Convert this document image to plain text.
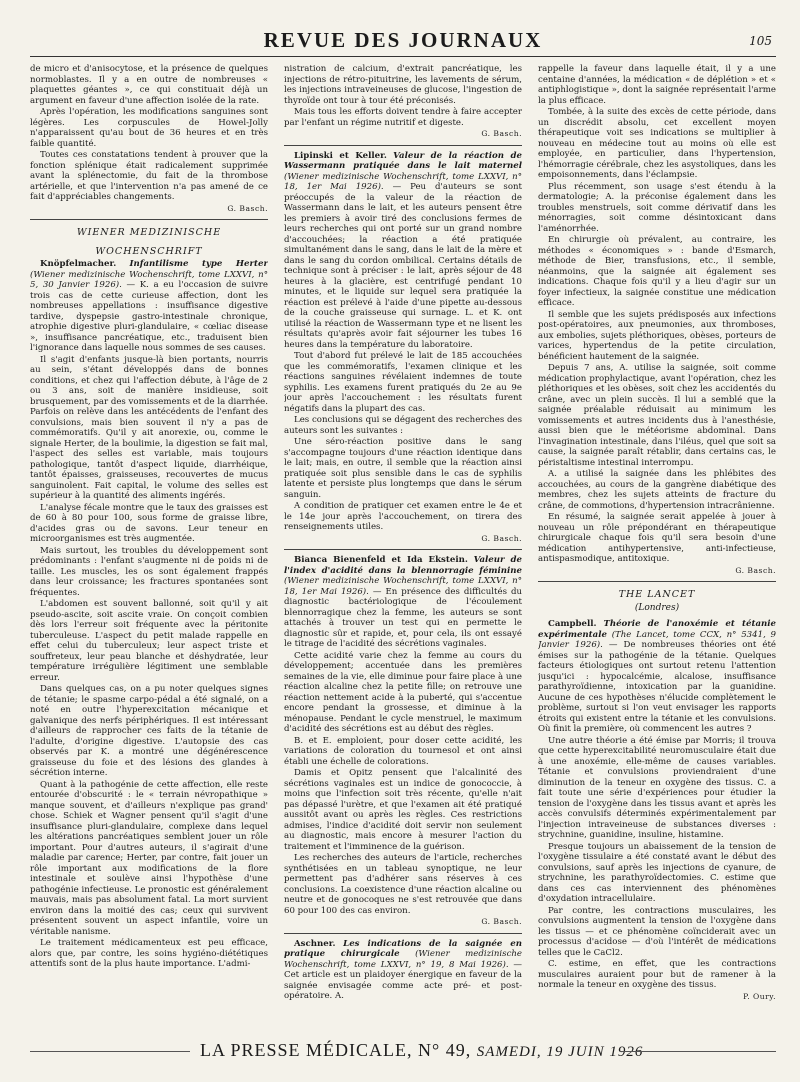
REVUE DES JOURNAUX	105

de micro et d'anisocytose, et la présence de quelques normoblastes. Il y a en outre de nombreuses « plaquettes géantes », ce qui constituait déjà un argument en faveur d'une affection isolée de la rate.

Après l'opération, les modifications sanguines sont légères. Les corpuscules de Howel-Jolly n'apparaissent qu'au bout de 36 heures et en très faible quantité.

Toutes ces constatations tendent à prouver que la fonction splénique était radicalement supprimée avant la splénectomie, du fait de la thrombose artérielle, et que l'intervention n'a pas amené de ce fait d'appréciables changements.

G. Basch.
WIENER MEDIZINISCHE
WOCHENSCHRIFT

Knöpfelmacher. Infantilisme type Herter (Wiener medizinische Wochenschrift, tome LXXVI, n° 5, 30 Janvier 1926). — K. a eu l'occasion de suivre trois cas de cette curieuse affection, dont les nombreuses appellations : insuffisance digestive tardive, dyspepsie gastro-intestinale chronique, atrophie digestive pluri-glandulaire, « cœliac disease », insuffisance pancréatique, etc., traduisent bien l'ignorance dans laquelle nous sommes de ses causes.

Il s'agit d'enfants jusque-là bien portants, nourris au sein, s'étant développés dans de bonnes conditions, et chez qui l'affection débute, à l'âge de 2 ou 3 ans, soit de manière insidieuse, soit brusquement, par des vomissements et de la diarrhée. Parfois on relève dans les antécédents de l'enfant des convulsions, mais bien souvent il n'y a pas de commémoratifs. Qu'il y ait anorexie, ou, comme le signale Herter, de la boulimie, la digestion se fait mal, l'aspect des selles est variable, mais toujours pathologique, tantôt d'aspect liquide, diarrhéique, tantôt épaisses, graisseuses, recouvertes de mucus sanguinolent. Fait capital, le volume des selles est supérieur à la quantité des aliments ingérés.

L'analyse fécale montre que le taux des graisses est de 60 à 80 pour 100, sous forme de graisse libre, d'acides gras ou de savons. Leur teneur en microorganismes est très augmentée.

Mais surtout, les troubles du développement sont prédominants : l'enfant s'augmente ni de poids ni de taille. Les muscles, les os sont également frappés dans leur croissance; les fractures spontanées sont fréquentes.

L'abdomen est souvent ballonné, soit qu'il y ait pseudo-ascite, soit ascite vraie. On conçoit combien dès lors l'erreur soit fréquente avec la péritonite tuberculeuse. L'aspect du petit malade rappelle en effet celui du tuberculeux; leur aspect triste et souffreteux, leur peau blanche et déshydratée, leur température irrégulière légitiment une semblable erreur.

Dans quelques cas, on a pu noter quelques signes de tétanie; le spasme carpo-pédal a été signalé, on a noté en outre l'hyperexcitation mécanique et galvanique des nerfs périphériques. Il est intéressant d'ailleurs de rapprocher ces faits de la tétanie de l'adulte, d'origine digestive. L'autopsie des cas observés par K. a montré une dégénérescence graisseuse du foie et des lésions des glandes à sécrétion interne.

Quant à la pathogénie de cette affection, elle reste entourée d'obscurité : le « terrain névropathique » manque souvent, et d'ailleurs n'explique pas grand' chose. Schiek et Wagner pensent qu'il s'agit d'une insuffisance pluri-glandulaire, complexe dans lequel les altérations pancréatiques semblent jouer un rôle important. Pour d'autres auteurs, il s'agirait d'une maladie par carence; Herter, par contre, fait jouer un rôle important aux modifications de la flore intestinale et soulève ainsi l'hypothèse d'une pathogénie infectieuse. Le pronostic est généralement mauvais, mais pas absolument fatal. La mort survient environ dans la moitié des cas; ceux qui survivent présentent souvent un aspect infantile, voire un véritable nanisme.

Le traitement médicamenteux est peu efficace, alors que, par contre, les soins hygiéno-diététiques attentifs sont de la plus haute importance. L'admi-

nistration de calcium, d'extrait pancréatique, les injections de rétro-pituitrine, les lavements de sérum, les injections intraveineuses de glucose, l'ingestion de thyroïde ont tour à tour été préconisés.

Mais tous les efforts doivent tendre à faire accepter par l'enfant un régime nutritif et digeste.

G. Basch.

Lipinski et Keller. Valeur de la réaction de Wassermann pratiquée dans le lait maternel (Wiener medizinische Wochenschrift, tome LXXVI, n° 18, 1er Mai 1926). — Peu d'auteurs se sont préoccupés de la valeur de la réaction de Wassermann dans le lait, et les auteurs pensent être les premiers à avoir tiré des conclusions fermes de leurs recherches qui ont porté sur un grand nombre d'accouchées; la réaction a été pratiquée simultanément dans le sang, dans le lait de la mère et dans le sang du cordon ombilical. Certains détails de technique sont à préciser : le lait, après séjour de 48 heures à la glacière, est centrifugé pendant 10 minutes, et le liquide sur lequel sera pratiquée la réaction est prélevé à l'aide d'une pipette au-dessous de la couche graisseuse qui surnage. L. et K. ont utilisé la réaction de Wassermann type et ne lisent les résultats qu'après avoir fait séjourner les tubes 16 heures dans la température du laboratoire.

Tout d'abord fut prélevé le lait de 185 accouchées que les commémoratifs, l'examen clinique et les réactions sanguines révélaient indemnes de toute syphilis. Les examens furent pratiqués du 2e au 9e jour après l'accouchement : les résultats furent négatifs dans la plupart des cas.

Les conclusions qui se dégagent des recherches des auteurs sont les suivantes :

Une séro-réaction positive dans le sang s'accompagne toujours d'une réaction identique dans le lait; mais, en outre, il semble que la réaction ainsi pratiquée soit plus sensible dans le cas de syphilis latente et persiste plus longtemps que dans le sérum sanguin.

A condition de pratiquer cet examen entre le 4e et le 14e jour après l'accouchement, on tirera des renseignements utiles.

G. Basch.

Bianca Bienenfeld et Ida Ekstein. Valeur de l'index d'acidité dans la blennorragie féminine (Wiener medizinische Wochenschrift, tome LXXVI, n° 18, 1er Mai 1926). — En présence des difficultés du diagnostic bactériologique de l'écoulement blennorragique chez la femme, les auteurs se sont attachés à trouver un test qui en permette le diagnostic sûr et rapide, et, pour cela, ils ont essayé le titrage de l'acidité des sécrétions vaginales.

Cette acidité varie chez la femme au cours du développement; accentuée dans les premières semaines de la vie, elle diminue pour faire place à une réaction alcaline chez la petite fille; on retrouve une réaction nettement acide à la puberté, qui s'accentue encore pendant la grossesse, et diminue à la ménopause. Pendant le cycle menstruel, le maximum d'acidité des sécrétions est au début des règles.

B. et E. emploient, pour doser cette acidité, les variations de coloration du tournesol et ont ainsi établi une échelle de colorations.

Damis et Opitz pensent que l'alcalinité des sécrétions vaginales est un indice de gonococcie, à moins que l'infection soit très récente, qu'elle n'ait pas dépassé l'urètre, et que l'examen ait été pratiqué aussitôt avant ou après les règles. Ces restrictions admises, l'indice d'acidité doit servir non seulement au diagnostic, mais encore à mesurer l'action du traitement et l'imminence de la guérison.

Les recherches des auteurs de l'article, recherches synthétisées en un tableau synoptique, ne leur permettent pas d'adhérer sans réserves à ces conclusions. La coexistence d'une réaction alcaline ou neutre et de gonocoques ne s'est retrouvée que dans 60 pour 100 des cas environ.

G. Basch.

Aschner. Les indications de la saignée en pratique chirurgicale (Wiener medizinische Wochenschrift, tome LXXVI, n° 19, 8 Mai 1926). — Cet article est un plaidoyer énergique en faveur de la saignée envisagée comme acte pré- et post-opératoire. A.

rappelle la faveur dans laquelle était, il y a une centaine d'années, la médication « de déplétion » et « antiphlogistique », dont la saignée représentait l'arme la plus efficace.

Tombée, à la suite des excès de cette période, dans un discrédit absolu, cet excellent moyen thérapeutique voit ses indications se multiplier à nouveau en médecine tout au moins où elle est employée, en particulier, dans l'hypertension, l'hémorragie cérébrale, chez les asystoliques, dans les empoisonnements, dans l'éclampsie.

Plus récemment, son usage s'est étendu à la dermatologie; A. la préconise également dans les troubles menstruels, soit comme dérivatif dans les ménorragies, soit comme désintoxicant dans l'aménorrhée.

En chirurgie où prévalent, au contraire, les méthodes « économiques » : bande d'Esmarch, méthode de Bier, transfusions, etc., il semble, néanmoins, que la saignée ait également ses indications. Chaque fois qu'il y a lieu d'agir sur un foyer infectieux, la saignée constitue une médication efficace.

Il semble que les sujets prédisposés aux infections post-opératoires, aux pneumonies, aux thromboses, aux embolies, sujets pléthoriques, obèses, porteurs de varices, hypertendus de la petite circulation, bénéficient hautement de la saignée.

Depuis 7 ans, A. utilise la saignée, soit comme médication prophylactique, avant l'opération, chez les pléthoriques et les obèses, soit chez les accidentés du crâne, avec un plein succès. Il lui a semblé que la saignée préalable réduisait au minimum les vomissements et autres incidents dus à l'anesthésie, aussi bien que le météorisme abdominal. Dans l'invagination intestinale, dans l'iléus, quel que soit sa cause, la saignée paraît rétablir, dans certains cas, le péristaltisme intestinal interrompu.

A. a utilisé la saignée dans les phlébites des accouchées, au cours de la gangrène diabétique des membres, chez les sujets atteints de fracture du crâne, de commotions, d'hypertension intracrânienne.

En résumé, la saignée serait appelée à jouer à nouveau un rôle prépondérant en thérapeutique chirurgicale chaque fois qu'il sera besoin d'une médication antihypertensive, anti-infectieuse, antispasmodique, antitoxique.

G. Basch.
THE LANCET
(Londres)

Campbell. Théorie de l'anoxémie et tétanie expérimentale (The Lancet, tome CCX, n° 5341, 9 Janvier 1926). — De nombreuses théories ont été émises sur la pathogénie de la tétanie. Quelques facteurs étiologiques ont surtout retenu l'attention jusqu'ici : hypocalcémie, alcalose, insuffisance parathyroïdienne, intoxication par la guanidine. Aucune de ces hypothèses n'élucide complètement le problème, surtout si l'on veut envisager les rapports étroits qui existent entre la tétanie et les convulsions. Où finit la première, où commencent les autres ?

Une autre théorie a été émise par Morris; il trouva que cette hyperexcitabilité neuromusculaire était due à une anoxémie, elle-même de causes variables. Tétanie et convulsions proviendraient d'une diminution de la teneur en oxygène des tissus. C. a fait toute une série d'expériences pour étudier la tension de l'oxygène dans les tissus avant et après les accès convulsifs déterminés expérimentalement par l'injection intraveineuse de substances diverses : strychnine, guanidine, insuline, histamine.

Presque toujours un abaissement de la tension de l'oxygène tissulaire a été constaté avant le début des convulsions, sauf après les injections de cyanure, de strychnine, les parathyroïdectomies. C. estime que dans ces cas interviennent des phénomènes d'oxydation intracellulaire.

Par contre, les contractions musculaires, les convulsions augmentent la tension de l'oxygène dans les tissus — et ce phénomène coïnciderait avec un processus d'acidose — d'où l'intérêt de médications telles que le CaCl2.

C. estime, en effet, que les contractions musculaires auraient pour but de ramener à la normale la teneur en oxygène des tissus.

P. Oury.
LA PRESSE MÉDICALE, N° 49, SAMEDI, 19 JUIN 1926
